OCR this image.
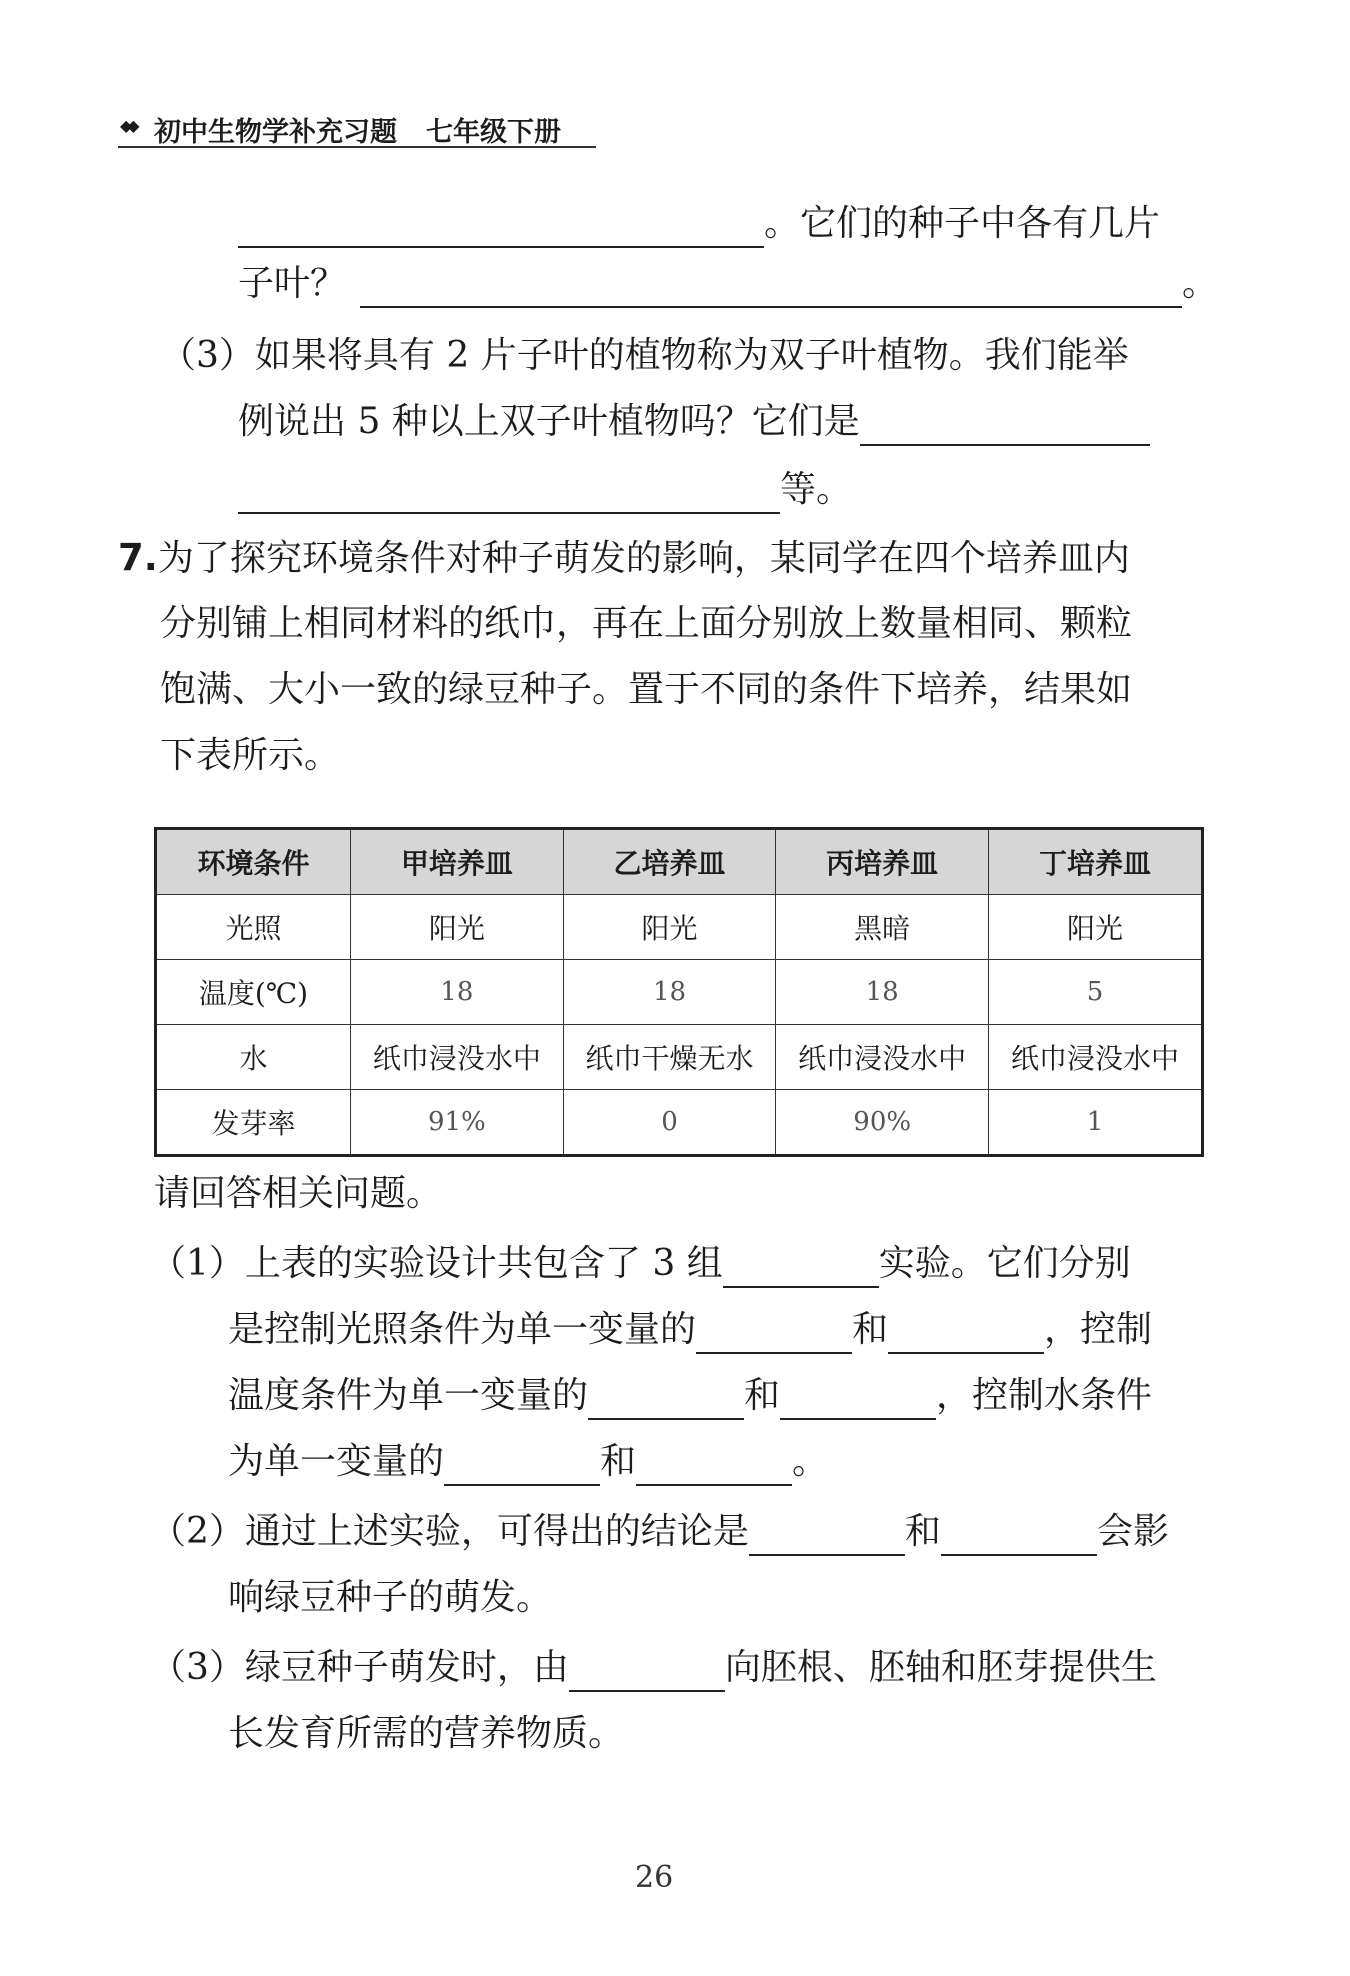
◆◆ 初中生物学补充习题 七年级下册
。它们的种子中各有几片
子叶？	。
（3）如果将具有 2 片子叶的植物称为双子叶植物。我们能举
例说出 5 种以上双子叶植物吗？它们是
等。
7.为了探究环境条件对种子萌发的影响，某同学在四个培养皿内
分别铺上相同材料的纸巾，再在上面分别放上数量相同、颗粒
饱满、大小一致的绿豆种子。置于不同的条件下培养，结果如
下表所示。
环境条件	甲培养皿	乙培养皿	丙培养皿	丁培养皿
光照	阳光	阳光	黑暗	阳光
温度(℃)	18	18	18	5
水	纸巾浸没水中	纸巾干燥无水	纸巾浸没水中	纸巾浸没水中
发芽率	91%	0	90%	1
请回答相关问题。
（1）上表的实验设计共包含了 3 组	实验。它们分别
是控制光照条件为单一变量的	和	，控制
温度条件为单一变量的	和	，控制水条件
为单一变量的	和	。
（2）通过上述实验，可得出的结论是	和	会影
响绿豆种子的萌发。
（3）绿豆种子萌发时，由	向胚根、胚轴和胚芽提供生
长发育所需的营养物质。
26
